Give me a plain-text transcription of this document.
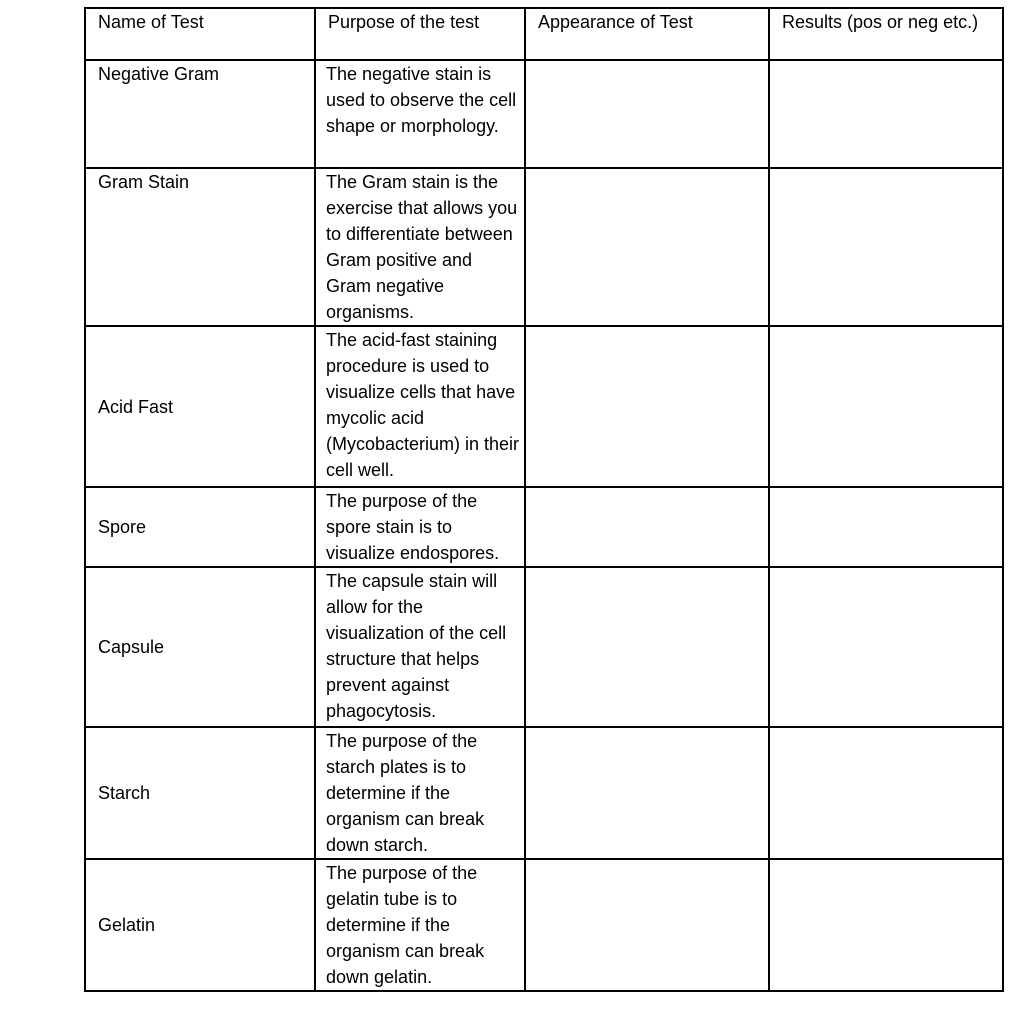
Name of Test	Purpose of the test	Appearance of Test	Results (pos or neg etc.)
Negative Gram	The negative stain is used to observe the cell shape or morphology.		
Gram Stain	The Gram stain is the exercise that allows you to differentiate between Gram positive and Gram negative organisms.		
Acid Fast	The acid-fast staining procedure is used to visualize cells that have mycolic acid (Mycobacterium) in their cell well.		
Spore	The purpose of the spore stain is to visualize endospores.		
Capsule	The capsule stain will allow for the visualization of the cell structure that helps prevent against phagocytosis.		
Starch	The purpose of the starch plates is to determine if the organism can break down starch.		
Gelatin	The purpose of the gelatin tube is to determine if the organism can break down gelatin.		
